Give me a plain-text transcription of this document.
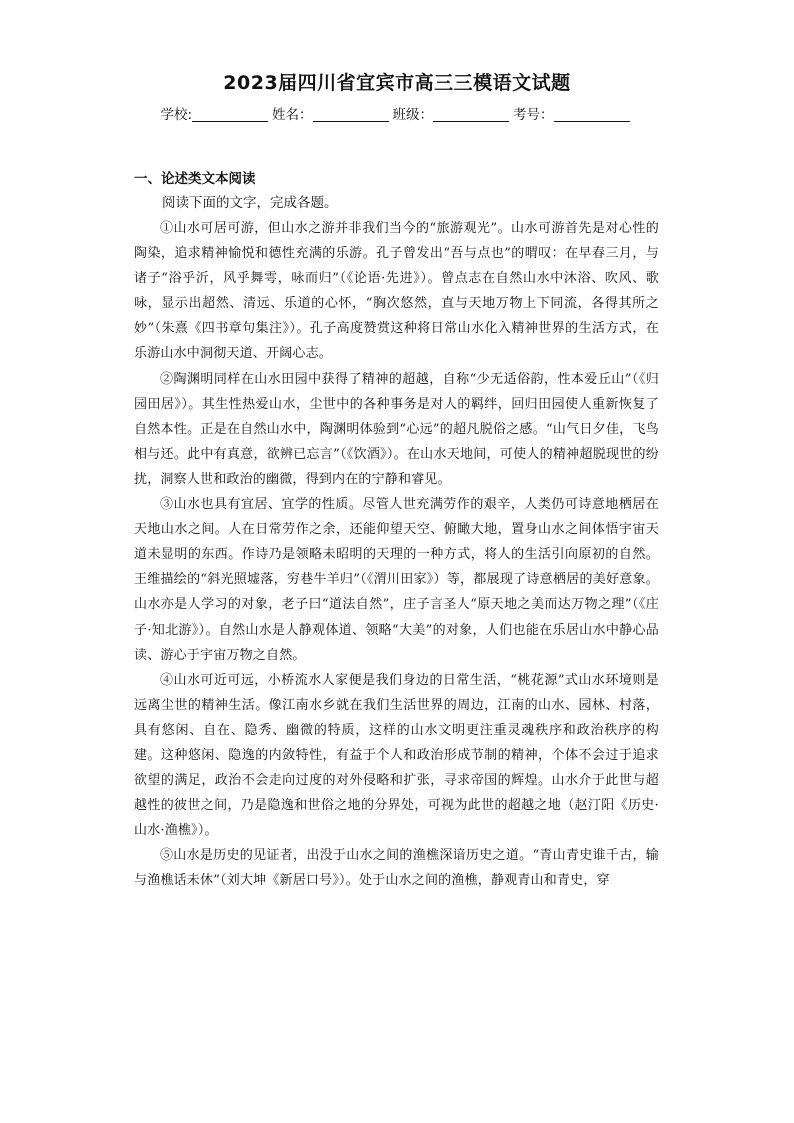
2023届四川省宜宾市高三三模语文试题
学校:	姓名：	班级：	考号：
一、论述类文本阅读
阅读下面的文字，完成各题。

①山水可居可游，但山水之游并非我们当今的“旅游观光”。山水可游首先是对心性的陶染，追求精神愉悦和德性充满的乐游。孔子曾发出“吾与点也”的喟叹：在早春三月，与诸子“浴乎沂，风乎舞雩，咏而归”（《论语·先进》）。曾点志在自然山水中沐浴、吹风、歌咏，显示出超然、清远、乐道的心怀，“胸次悠然，直与天地万物上下同流，各得其所之妙”（朱熹《四书章句集注》）。孔子高度赞赏这种将日常山水化入精神世界的生活方式，在乐游山水中洞彻天道、开阔心志。

②陶渊明同样在山水田园中获得了精神的超越，自称“少无适俗韵，性本爱丘山”（《归园田居》）。其生性热爱山水，尘世中的各种事务是对人的羁绊，回归田园使人重新恢复了自然本性。正是在自然山水中，陶渊明体验到“心远”的超凡脱俗之感。“山气日夕佳，飞鸟相与还。此中有真意，欲辨已忘言”（《饮酒》）。在山水天地间，可使人的精神超脱现世的纷扰，洞察人世和政治的幽微，得到内在的宁静和睿见。

③山水也具有宜居、宜学的性质。尽管人世充满劳作的艰辛，人类仍可诗意地栖居在天地山水之间。人在日常劳作之余，还能仰望天空、俯瞰大地，置身山水之间体悟宇宙天道未显明的东西。作诗乃是领略未昭明的天理的一种方式，将人的生活引向原初的自然。王维描绘的“斜光照墟落，穷巷牛羊归”（《渭川田家》）等，都展现了诗意栖居的美好意象。山水亦是人学习的对象，老子曰“道法自然”，庄子言圣人“原天地之美而达万物之理”（《庄子·知北游》）。自然山水是人静观体道、领略“大美”的对象，人们也能在乐居山水中静心品读、游心于宇宙万物之自然。

④山水可近可远，小桥流水人家便是我们身边的日常生活，“桃花源”式山水环境则是远离尘世的精神生活。像江南水乡就在我们生活世界的周边，江南的山水、园林、村落，具有悠闲、自在、隐秀、幽微的特质，这样的山水文明更注重灵魂秩序和政治秩序的构建。这种悠闲、隐逸的内敛特性，有益于个人和政治形成节制的精神，个体不会过于追求欲望的满足，政治不会走向过度的对外侵略和扩张，寻求帝国的辉煌。山水介于此世与超越性的彼世之间，乃是隐逸和世俗之地的分界处，可视为此世的超越之地（赵汀阳《历史·山水·渔樵》）。

⑤山水是历史的见证者，出没于山水之间的渔樵深谙历史之道。“青山青史谁千古，输与渔樵话未休”（刘大坤《新居口号》）。处于山水之间的渔樵，静观青山和青史，穿
